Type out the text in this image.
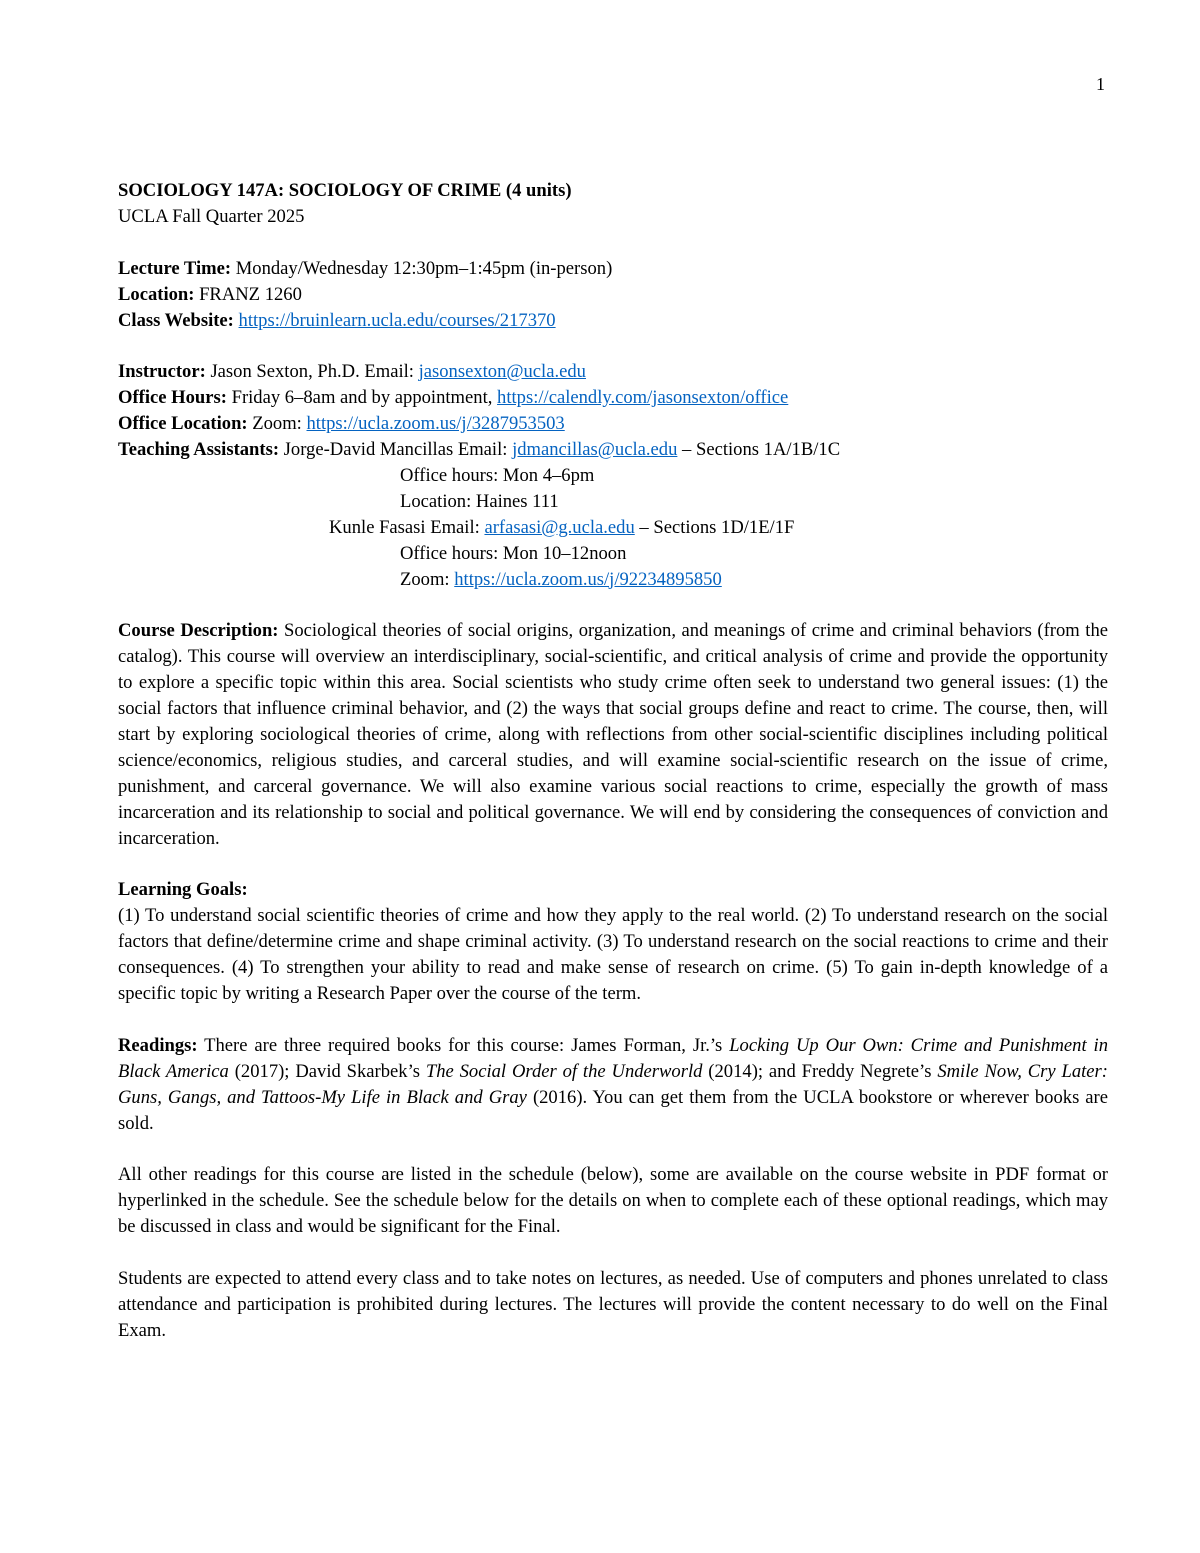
1

SOCIOLOGY 147A: SOCIOLOGY OF CRIME (4 units)

UCLA Fall Quarter 2025

Lecture Time: Monday/Wednesday 12:30pm–1:45pm (in-person)

Location: FRANZ 1260

Class Website: https://bruinlearn.ucla.edu/courses/217370

Instructor: Jason Sexton, Ph.D. Email: jasonsexton@ucla.edu

Office Hours: Friday 6–8am and by appointment, https://calendly.com/jasonsexton/office

Office Location: Zoom: https://ucla.zoom.us/j/3287953503

Teaching Assistants: Jorge-David Mancillas Email: jdmancillas@ucla.edu – Sections 1A/1B/1C

Office hours: Mon 4–6pm

Location: Haines 111

Kunle Fasasi Email: arfasasi@g.ucla.edu – Sections 1D/1E/1F

Office hours: Mon 10–12noon

Zoom: https://ucla.zoom.us/j/92234895850

Course Description: Sociological theories of social origins, organization, and meanings of crime and criminal behaviors (from the catalog). This course will overview an interdisciplinary, social-scientific, and critical analysis of crime and provide the opportunity to explore a specific topic within this area. Social scientists who study crime often seek to understand two general issues: (1) the social factors that influence criminal behavior, and (2) the ways that social groups define and react to crime. The course, then, will start by exploring sociological theories of crime, along with reflections from other social-scientific disciplines including political science/economics, religious studies, and carceral studies, and will examine social-scientific research on the issue of crime, punishment, and carceral governance. We will also examine various social reactions to crime, especially the growth of mass incarceration and its relationship to social and political governance. We will end by considering the consequences of conviction and incarceration.

Learning Goals:

(1) To understand social scientific theories of crime and how they apply to the real world. (2) To understand research on the social factors that define/determine crime and shape criminal activity. (3) To understand research on the social reactions to crime and their consequences. (4) To strengthen your ability to read and make sense of research on crime. (5) To gain in-depth knowledge of a specific topic by writing a Research Paper over the course of the term.

Readings: There are three required books for this course: James Forman, Jr.’s Locking Up Our Own: Crime and Punishment in Black America (2017); David Skarbek’s The Social Order of the Underworld (2014); and Freddy Negrete’s Smile Now, Cry Later: Guns, Gangs, and Tattoos-My Life in Black and Gray (2016). You can get them from the UCLA bookstore or wherever books are sold.

All other readings for this course are listed in the schedule (below), some are available on the course website in PDF format or hyperlinked in the schedule. See the schedule below for the details on when to complete each of these optional readings, which may be discussed in class and would be significant for the Final.

Students are expected to attend every class and to take notes on lectures, as needed. Use of computers and phones unrelated to class attendance and participation is prohibited during lectures. The lectures will provide the content necessary to do well on the Final Exam.
